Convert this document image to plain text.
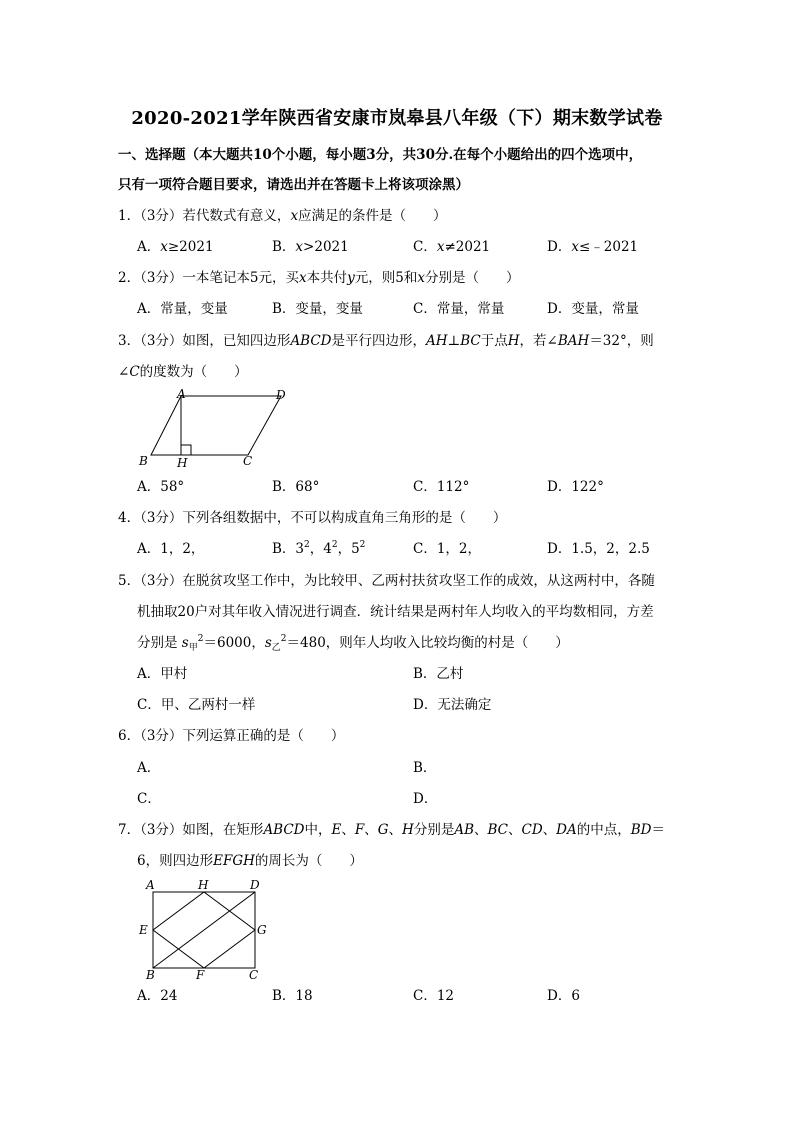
2020-2021学年陕西省安康市岚皋县八年级（下）期末数学试卷
一、选择题（本大题共10个小题，每小题3分，共30分.在每个小题给出的四个选项中，
只有一项符合题目要求，请选出并在答题卡上将该项涂黑）
1．（3分）若代数式有意义，x应满足的条件是（　　）
A．x≥2021	B．x>2021	C．x≠2021	D．x≤﹣2021
2．（3分）一本笔记本5元，买x本共付y元，则5和x分别是（　　）
A．常量，变量	B．变量，变量	C．常量，常量	D．变量，常量
3．（3分）如图，已知四边形ABCD是平行四边形，AH⊥BC于点H，若∠BAH＝32°，则
∠C的度数为（　　）
A	D
B H	C
A．58°	B．68°	C．112°	D．122°
4．（3分）下列各组数据中，不可以构成直角三角形的是（　　）
A．1，2，	B．$3^2$，$4^2$，$5^2$	C．1，2，	D．1.5，2，2.5
5．（3分）在脱贫攻坚工作中，为比较甲、乙两村扶贫攻坚工作的成效，从这两村中，各随
机抽取20户对其年收入情况进行调查．统计结果是两村年人均收入的平均数相同，方差
分别是 $s_甲^2=6000$，$s_乙^2=480$，则年人均收入比较均衡的村是（　　）
A．甲村	B．乙村
C．甲、乙两村一样	D．无法确定
6．（3分）下列运算正确的是（　　）
A．	B．
C．	D．
7．（3分）如图，在矩形ABCD中，E、F、G、H分别是AB、BC、CD、DA的中点，BD＝
6，则四边形EFGH的周长为（　　）
A	H	D
E	G
B	F	C
A．24	B．18	C．12	D．6
